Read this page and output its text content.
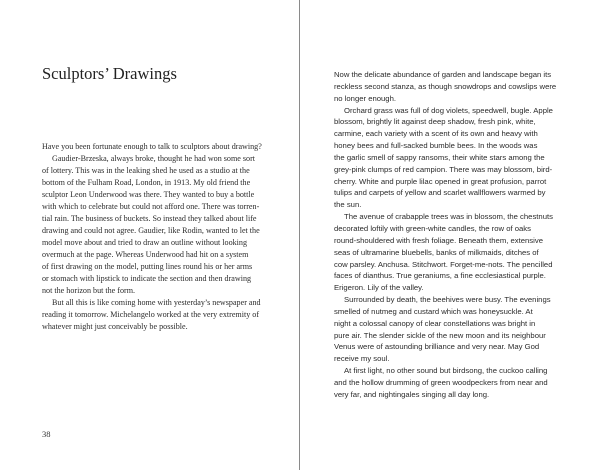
Sculptors’ Drawings
Have you been fortunate enough to talk to sculptors about drawing?
Gaudier-Brzeska, always broke, thought he had won some sort
of lottery. This was in the leaking shed he used as a studio at the
bottom of the Fulham Road, London, in 1913. My old friend the
sculptor Leon Underwood was there. They wanted to buy a bottle
with which to celebrate but could not afford one. There was torren-
tial rain. The business of buckets. So instead they talked about life
drawing and could not agree. Gaudier, like Rodin, wanted to let the
model move about and tried to draw an outline without looking
overmuch at the page. Whereas Underwood had hit on a system
of first drawing on the model, putting lines round his or her arms
or stomach with lipstick to indicate the section and then drawing
not the horizon but the form.
But all this is like coming home with yesterday’s newspaper and
reading it tomorrow. Michelangelo worked at the very extremity of
whatever might just conceivably be possible.
38
Now the delicate abundance of garden and landscape began its
reckless second stanza, as though snowdrops and cowslips were
no longer enough.
Orchard grass was full of dog violets, speedwell, bugle. Apple
blossom, brightly lit against deep shadow, fresh pink, white,
carmine, each variety with a scent of its own and heavy with
honey bees and full-sacked bumble bees. In the woods was
the garlic smell of sappy ransoms, their white stars among the
grey-pink clumps of red campion. There was may blossom, bird-
cherry. White and purple lilac opened in great profusion, parrot
tulips and carpets of yellow and scarlet wallflowers warmed by
the sun.
The avenue of crabapple trees was in blossom, the chestnuts
decorated loftily with green-white candles, the row of oaks
round-shouldered with fresh foliage. Beneath them, extensive
seas of ultramarine bluebells, banks of milkmaids, ditches of
cow parsley. Anchusa. Stitchwort. Forget-me-nots. The pencilled
faces of dianthus. True geraniums, a fine ecclesiastical purple.
Erigeron. Lily of the valley.
Surrounded by death, the beehives were busy. The evenings
smelled of nutmeg and custard which was honeysuckle. At
night a colossal canopy of clear constellations was bright in
pure air. The slender sickle of the new moon and its neighbour
Venus were of astounding brilliance and very near. May God
receive my soul.
At first light, no other sound but birdsong, the cuckoo calling
and the hollow drumming of green woodpeckers from near and
very far, and nightingales singing all day long.
